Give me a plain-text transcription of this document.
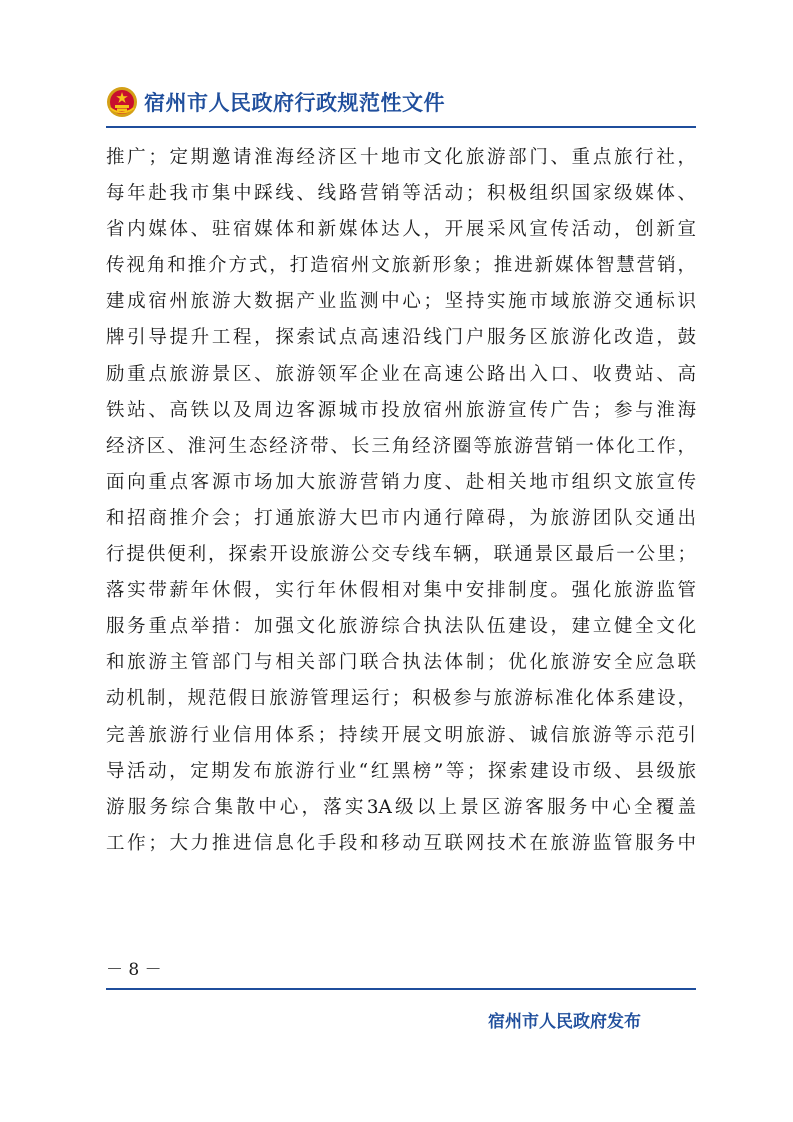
宿州市人民政府行政规范性文件
推广；定期邀请淮海经济区十地市文化旅游部门、重点旅行社，
每年赴我市集中踩线、线路营销等活动；积极组织国家级媒体、
省内媒体、驻宿媒体和新媒体达人，开展采风宣传活动，创新宣
传视角和推介方式，打造宿州文旅新形象；推进新媒体智慧营销，
建成宿州旅游大数据产业监测中心；坚持实施市域旅游交通标识
牌引导提升工程，探索试点高速沿线门户服务区旅游化改造，鼓
励重点旅游景区、旅游领军企业在高速公路出入口、收费站、高
铁站、高铁以及周边客源城市投放宿州旅游宣传广告；参与淮海
经济区、淮河生态经济带、长三角经济圈等旅游营销一体化工作，
面向重点客源市场加大旅游营销力度、赴相关地市组织文旅宣传
和招商推介会；打通旅游大巴市内通行障碍，为旅游团队交通出
行提供便利，探索开设旅游公交专线车辆，联通景区最后一公里；
落实带薪年休假，实行年休假相对集中安排制度。强化旅游监管
服务重点举措：加强文化旅游综合执法队伍建设，建立健全文化
和旅游主管部门与相关部门联合执法体制；优化旅游安全应急联
动机制，规范假日旅游管理运行；积极参与旅游标准化体系建设，
完善旅游行业信用体系；持续开展文明旅游、诚信旅游等示范引
导活动，定期发布旅游行业“红黑榜”等；探索建设市级、县级旅
游服务综合集散中心，落实3A级以上景区游客服务中心全覆盖
工作；大力推进信息化手段和移动互联网技术在旅游监管服务中
－ 8 －
宿州市人民政府发布
